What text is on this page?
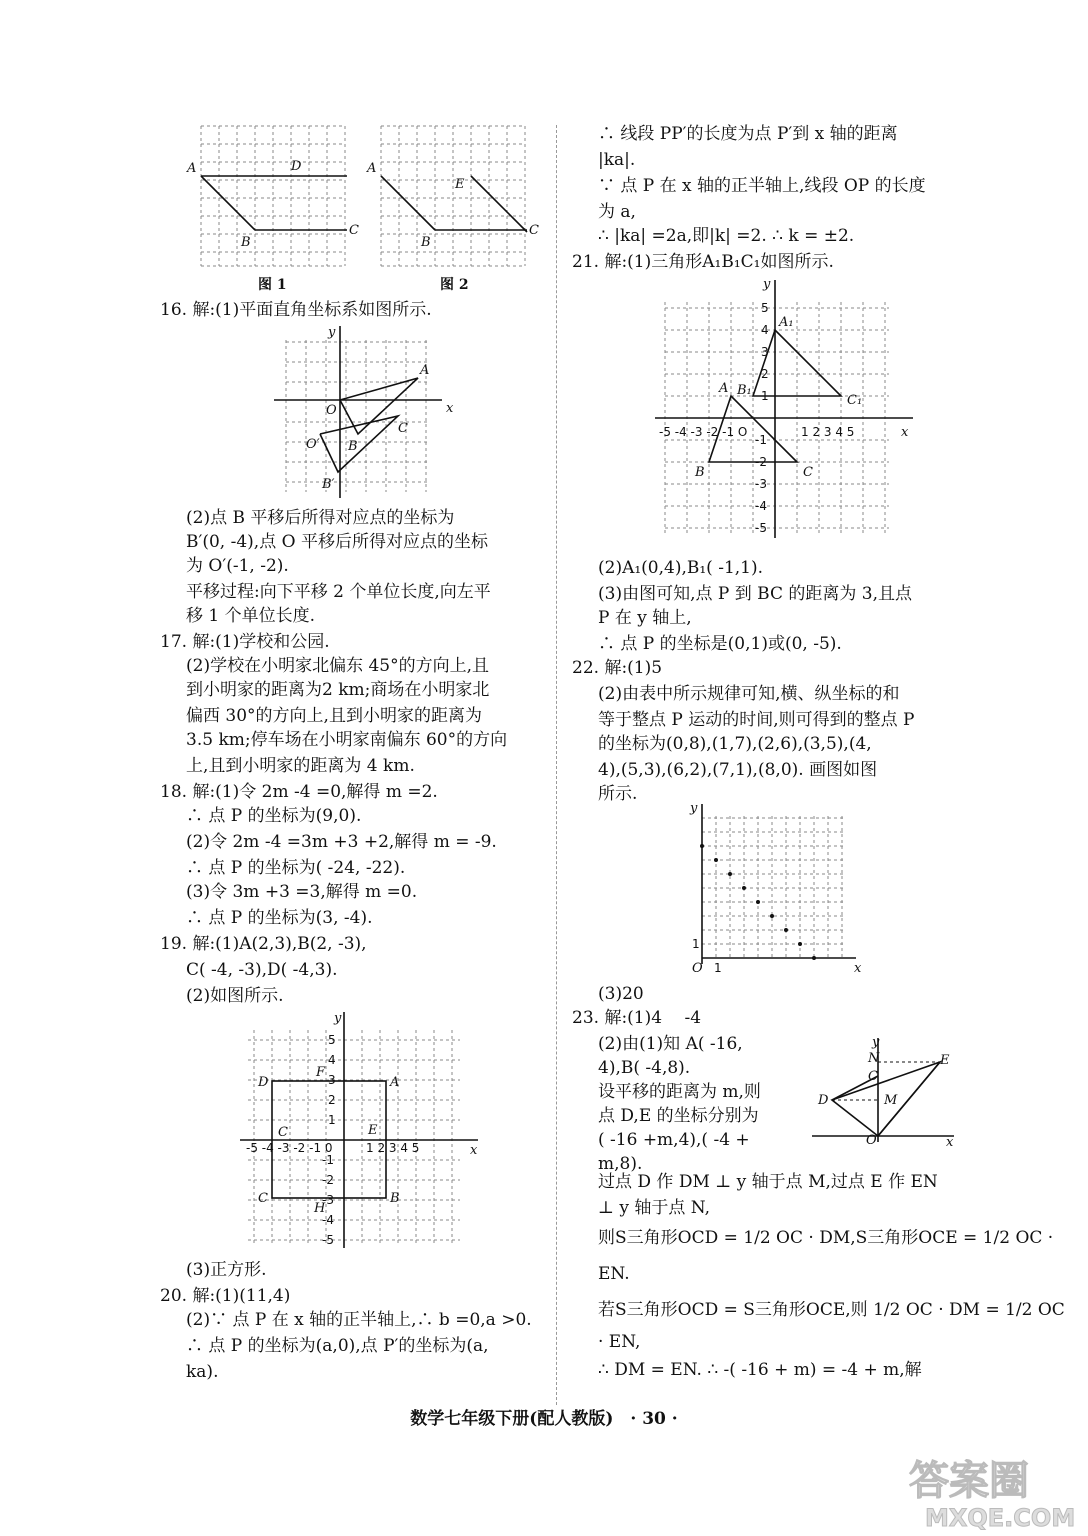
A	D
B
C
A
E
B
C
图 1	图 2
16. 解:(1)平面直角坐标系如图所示.
x
y
A
O
B
C
O′
B′
(2)点 B 平移后所得对应点的坐标为
B′(0, -4),点 O 平移后所得对应点的坐标
为 O′(-1, -2).
平移过程:向下平移 2 个单位长度,向左平
移 1 个单位长度.
17. 解:(1)学校和公园.
(2)学校在小明家北偏东 45°的方向上,且
到小明家的距离为2 km;商场在小明家北
偏西 30°的方向上,且到小明家的距离为
3.5 km;停车场在小明家南偏东 60°的方向
上,且到小明家的距离为 4 km.
18. 解:(1)令 2m -4 =0,解得 m =2.
∴ 点 P 的坐标为(9,0).
(2)令 2m -4 =3m +3 +2,解得 m = -9.
∴ 点 P 的坐标为( -24, -22).
(3)令 3m +3 =3,解得 m =0.
∴ 点 P 的坐标为(3, -4).
19. 解:(1)A(2,3),B(2, -3),
C( -4, -3),D( -4,3).
(2)如图所示.
x
y
-5 -4 -3 -2 -1 0	1 2 3 4 5
5
4
3
2
1
-1
-2
-3
-4
-5
D	A
F
C	E
C	B
H
(3)正方形.
20. 解:(1)(11,4)
(2)∵ 点 P 在 x 轴的正半轴上,∴ b =0,a >0.
∴ 点 P 的坐标为(a,0),点 P′的坐标为(a,
ka).
∴ 线段 PP′的长度为点 P′到 x 轴的距离
|ka|.
∵ 点 P 在 x 轴的正半轴上,线段 OP 的长度
为 a,
∴ |ka| =2a,即|k| =2. ∴ k = ±2.
21. 解:(1)三角形A₁B₁C₁如图所示.
x
y
-5 -4 -3 -2 -1 O	1 2 3 4 5
5
4
3
2
1
-1
-2
-3
-4
-5
A₁
B₁
C₁
A
B	C
(2)A₁(0,4),B₁( -1,1).
(3)由图可知,点 P 到 BC 的距离为 3,且点
P 在 y 轴上,
∴ 点 P 的坐标是(0,1)或(0, -5).
22. 解:(1)5
(2)由表中所示规律可知,横、纵坐标的和
等于整点 P 运动的时间,则可得到的整点 P
的坐标为(0,8),(1,7),(2,6),(3,5),(4,
4),(5,3),(6,2),(7,1),(8,0). 画图如图
所示.
y
x
O 1
1
(3)20
23. 解:(1)4　 -4
(2)由(1)知 A( -16,
4),B( -4,8).
设平移的距离为 m,则
点 D,E 的坐标分别为
( -16 +m,4),( -4 +
m,8).
y
x
O
D
N
C
M
E
过点 D 作 DM ⊥ y 轴于点 M,过点 E 作 EN
⊥ y 轴于点 N,
则S三角形OCD = 1/2 OC · DM,S三角形OCE = 1/2 OC ·
EN.
若S三角形OCD = S三角形OCE,则 1/2 OC · DM = 1/2 OC
· EN,
∴ DM = EN. ∴ -( -16 + m) = -4 + m,解
数学七年级下册(配人教版)　· 30 ·
答案圈
MXQE.COM
